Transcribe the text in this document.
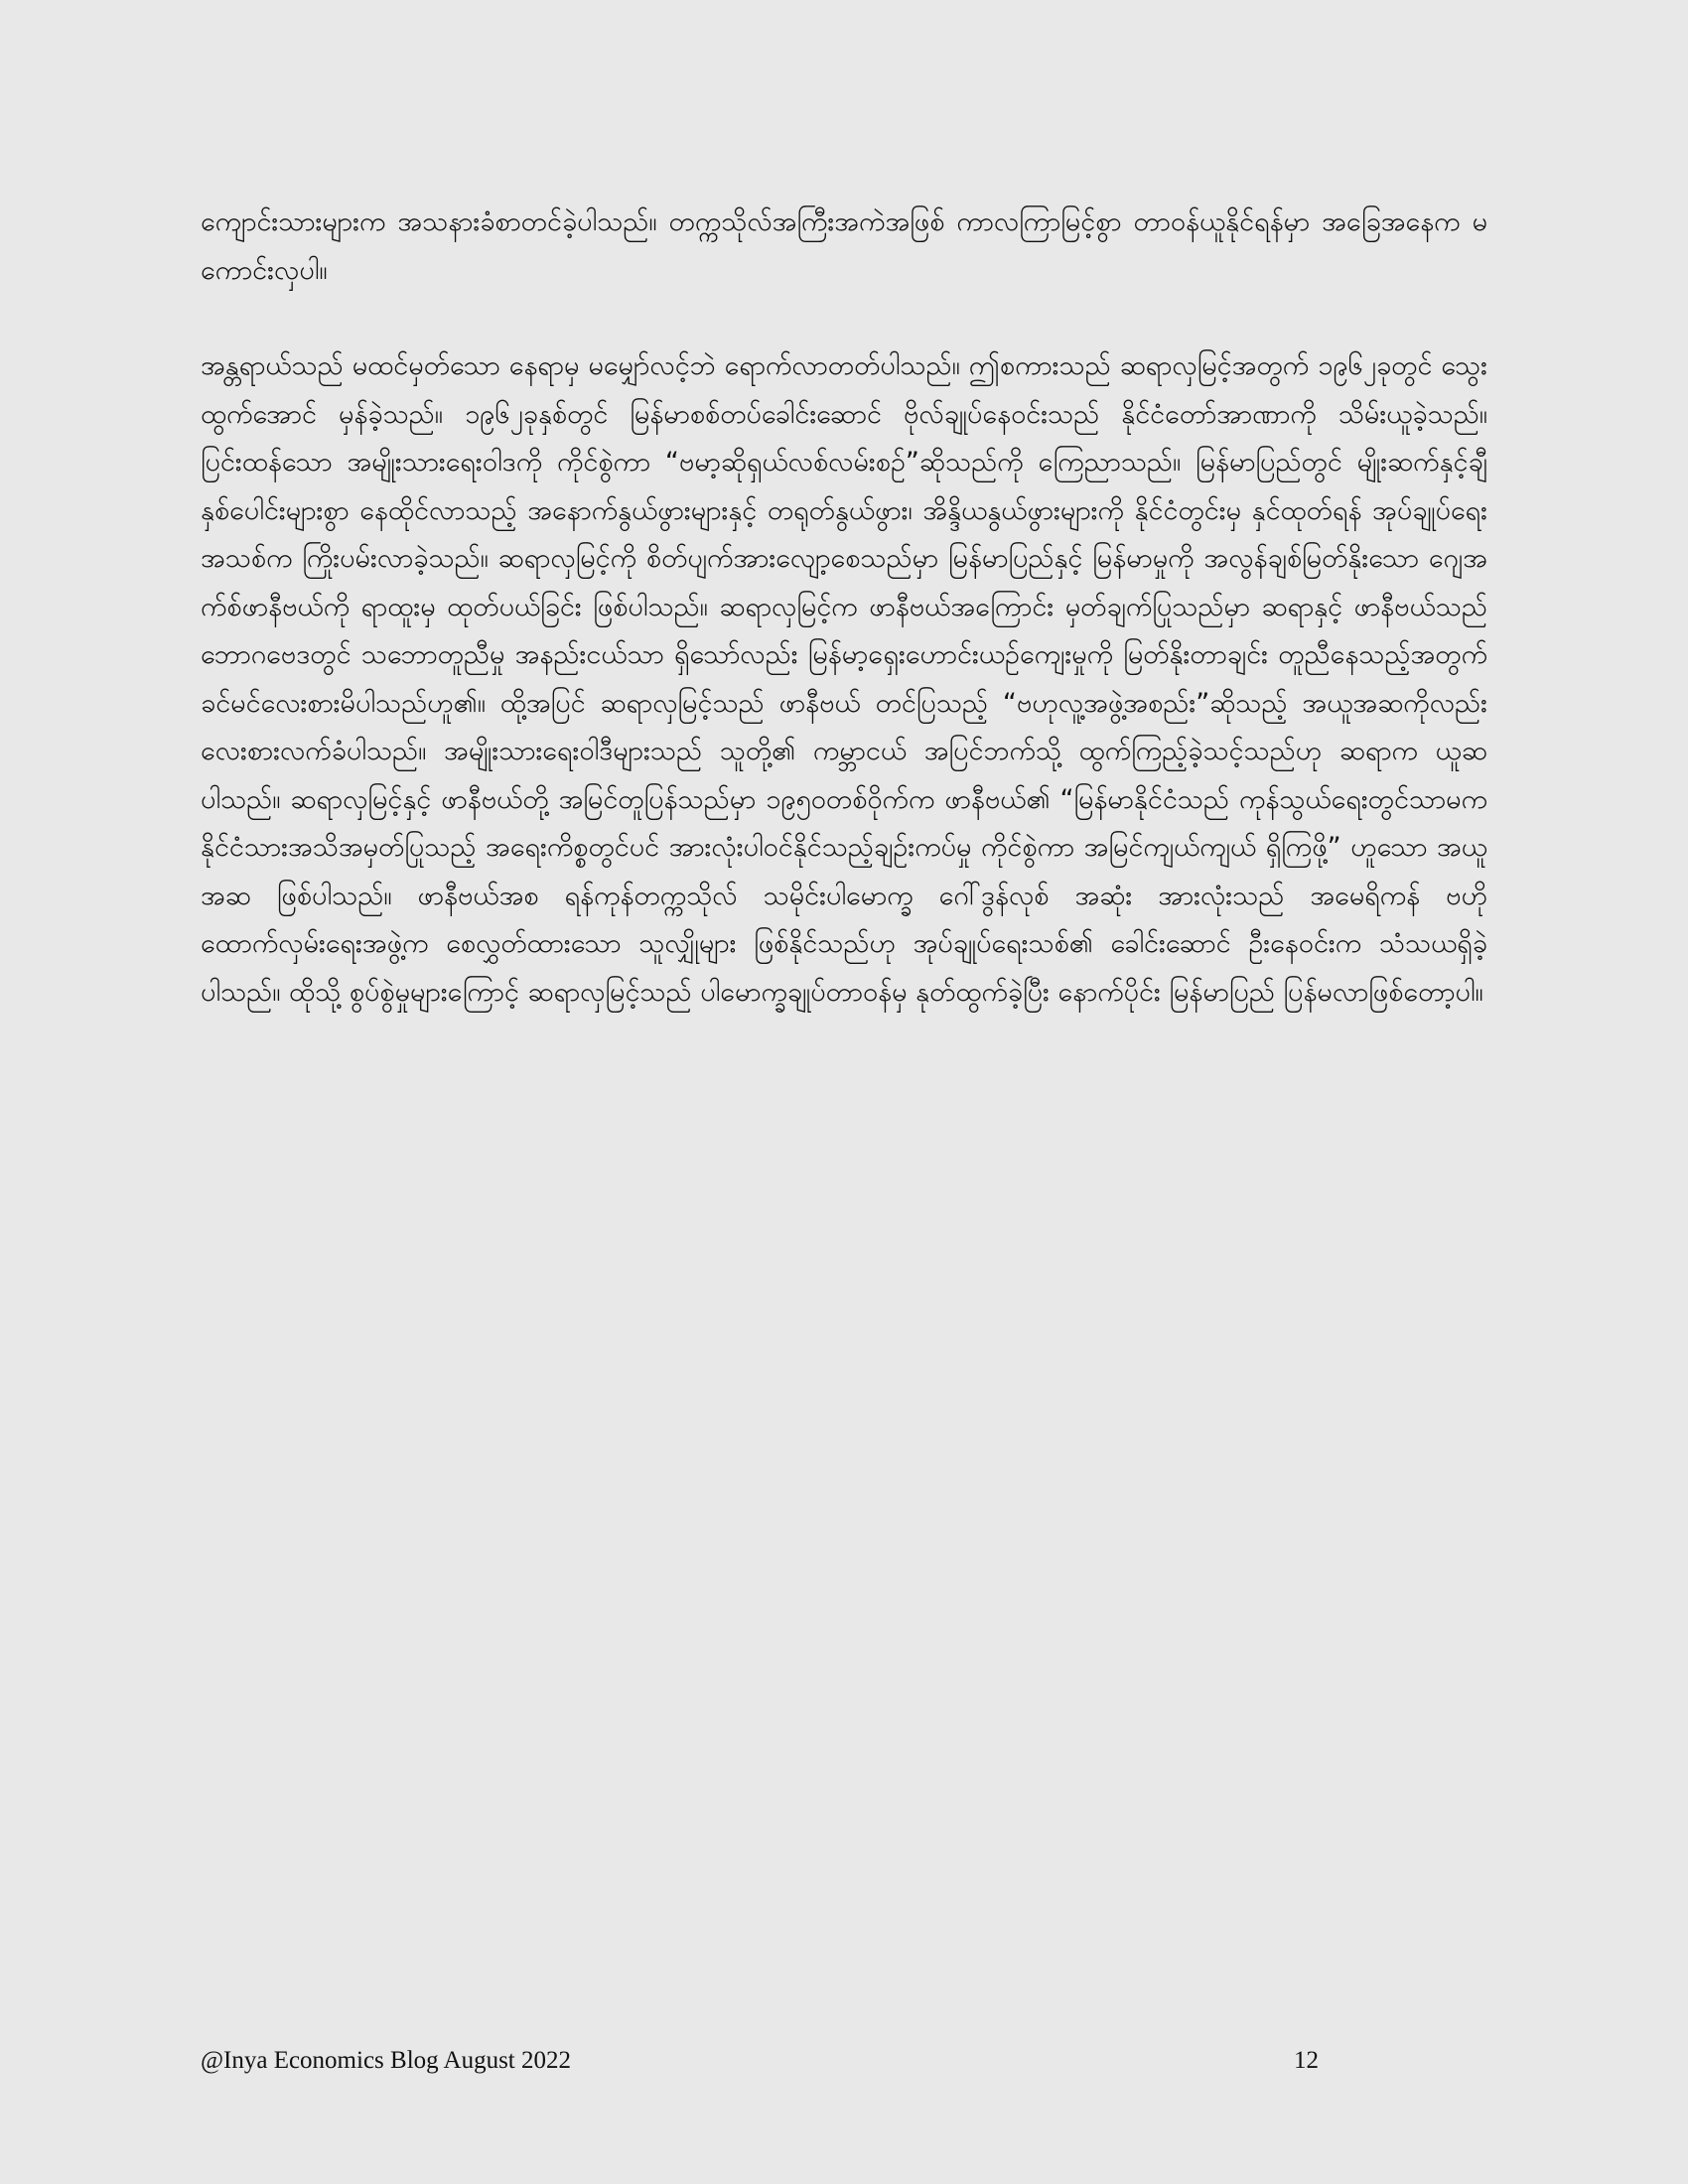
ကျောင်းသားများက အသနားခံစာတင်ခဲ့ပါသည်။ တက္ကသိုလ်အကြီးအကဲအဖြစ် ကာလကြာမြင့်စွာ တာဝန်ယူနိုင်ရန်မှာ အခြေအနေက မကောင်းလှပါ။

အန္တရာယ်သည် မထင်မှတ်သော နေရာမှ မမျှော်လင့်ဘဲ ရောက်လာတတ်ပါသည်။ ဤစကားသည် ဆရာလှမြင့်အတွက် ၁၉၆၂ခုတွင် သွေးထွက်အောင် မှန်ခဲ့သည်။ ၁၉၆၂ခုနှစ်တွင် မြန်မာစစ်တပ်ခေါင်းဆောင် ဗိုလ်ချုပ်နေဝင်းသည် နိုင်ငံတော်အာဏာကို သိမ်းယူခဲ့သည်။ ပြင်းထန်သော အမျိုးသားရေးဝါဒကို ကိုင်စွဲကာ “ဗမာ့ဆိုရှယ်လစ်လမ်းစဉ်”ဆိုသည်ကို ကြေညာသည်။ မြန်မာပြည်တွင် မျိုးဆက်နှင့်ချီ နှစ်ပေါင်းများစွာ နေထိုင်လာသည့် အနောက်နွယ်ဖွားများနှင့် တရုတ်နွယ်ဖွား၊ အိန္ဒိယနွယ်ဖွားများကို နိုင်ငံတွင်းမှ နှင်ထုတ်ရန် အုပ်ချုပ်ရေးအသစ်က ကြိုးပမ်းလာခဲ့သည်။ ဆရာလှမြင့်ကို စိတ်ပျက်အားလျော့စေသည်မှာ မြန်မာပြည်နှင့် မြန်မာမှုကို အလွန်ချစ်မြတ်နိုးသော ဂျေအက်စ်ဖာနီဗယ်ကို ရာထူးမှ ထုတ်ပယ်ခြင်း ဖြစ်ပါသည်။ ဆရာလှမြင့်က ဖာနီဗယ်အကြောင်း မှတ်ချက်ပြုသည်မှာ ဆရာနှင့် ဖာနီဗယ်သည် ဘောဂဗေဒတွင် သဘောတူညီမှု အနည်းငယ်သာ ရှိသော်လည်း မြန်မာ့ရှေးဟောင်းယဉ်ကျေးမှုကို မြတ်နိုးတာချင်း တူညီနေသည့်အတွက် ခင်မင်လေးစားမိပါသည်ဟူ၏။ ထို့အပြင် ဆရာလှမြင့်သည် ဖာနီဗယ် တင်ပြသည့် “ဗဟုလူ့အဖွဲ့အစည်း”ဆိုသည့် အယူအဆကိုလည်း လေးစားလက်ခံပါသည်။ အမျိုးသားရေးဝါဒီများသည် သူတို့၏ ကမ္ဘာငယ် အပြင်ဘက်သို့ ထွက်ကြည့်ခဲ့သင့်သည်ဟု ဆရာက ယူဆပါသည်။ ဆရာလှမြင့်နှင့် ဖာနီဗယ်တို့ အမြင်တူပြန်သည်မှာ ၁၉၅၀တစ်ဝိုက်က ဖာနီဗယ်၏ “မြန်မာနိုင်ငံသည် ကုန်သွယ်ရေးတွင်သာမက နိုင်ငံသားအသိအမှတ်ပြုသည့် အရေးကိစ္စတွင်ပင် အားလုံးပါဝင်နိုင်သည့်ချဉ်းကပ်မှု ကိုင်စွဲကာ အမြင်ကျယ်ကျယ် ရှိကြဖို့” ဟူသော အယူအဆ ဖြစ်ပါသည်။ ဖာနီဗယ်အစ ရန်ကုန်တက္ကသိုလ် သမိုင်းပါမောက္ခ ဂေါ်ဒွန်လုစ် အဆုံး အားလုံးသည် အမေရိကန် ဗဟိုထောက်လှမ်းရေးအဖွဲ့က စေလွှတ်ထားသော သူလျှိုများ ဖြစ်နိုင်သည်ဟု အုပ်ချုပ်ရေးသစ်၏ ခေါင်းဆောင် ဦးနေဝင်းက သံသယရှိခဲ့ပါသည်။ ထိုသို့ စွပ်စွဲမှုများကြောင့် ဆရာလှမြင့်သည် ပါမောက္ခချုပ်တာဝန်မှ နုတ်ထွက်ခဲ့ပြီး နောက်ပိုင်း မြန်မာပြည် ပြန်မလာဖြစ်တော့ပါ။

@Inya Economics Blog August 2022	12
